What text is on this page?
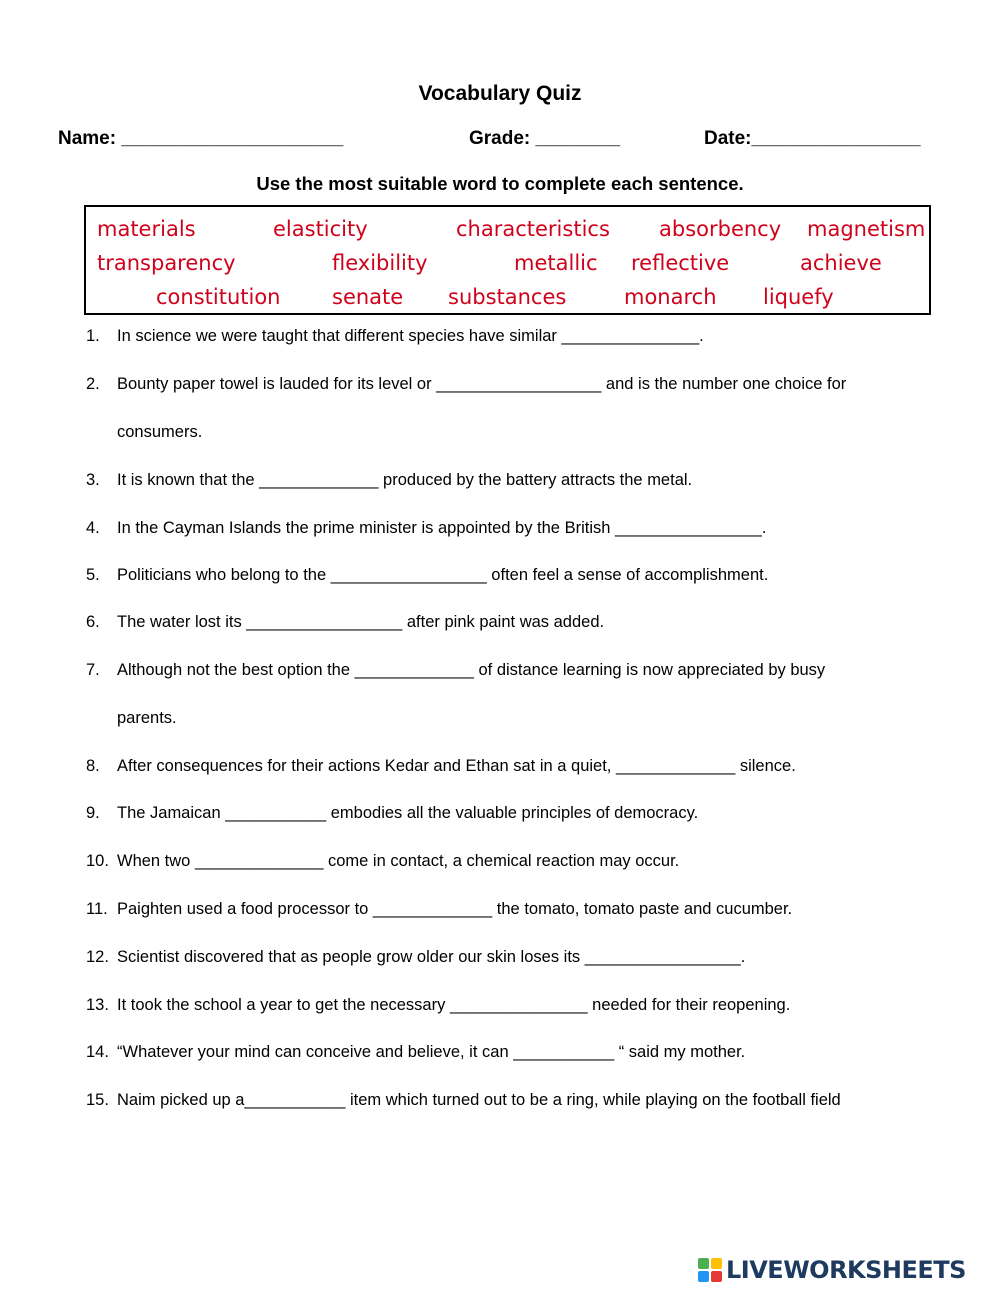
Vocabulary Quiz
Name: _____________________	Grade: ________	Date:________________
Use the most suitable word to complete each sentence.
materials	elasticity	characteristics absorbency magnetism
transparency	flexibility	metallic reflective	achieve
constitution senate substances	monarch liquefy
1. In science we were taught that different species have similar _______________.
2. Bounty paper towel is lauded for its level or __________________ and is the number one choice for
consumers.
3. It is known that the _____________ produced by the battery attracts the metal.
4. In the Cayman Islands the prime minister is appointed by the British ________________.
5. Politicians who belong to the _________________ often feel a sense of accomplishment.
6. The water lost its _________________ after pink paint was added.
7. Although not the best option the _____________ of distance learning is now appreciated by busy
parents.
8. After consequences for their actions Kedar and Ethan sat in a quiet, _____________ silence.
9. The Jamaican ___________ embodies all the valuable principles of democracy.
10. When two ______________ come in contact, a chemical reaction may occur.
11. Paighten used a food processor to _____________ the tomato, tomato paste and cucumber.
12. Scientist discovered that as people grow older our skin loses its _________________.
13. It took the school a year to get the necessary _______________ needed for their reopening.
14. “Whatever your mind can conceive and believe, it can ___________ “ said my mother.
15. Naim picked up a___________ item which turned out to be a ring, while playing on the football field
LIVEWORKSHEETS
